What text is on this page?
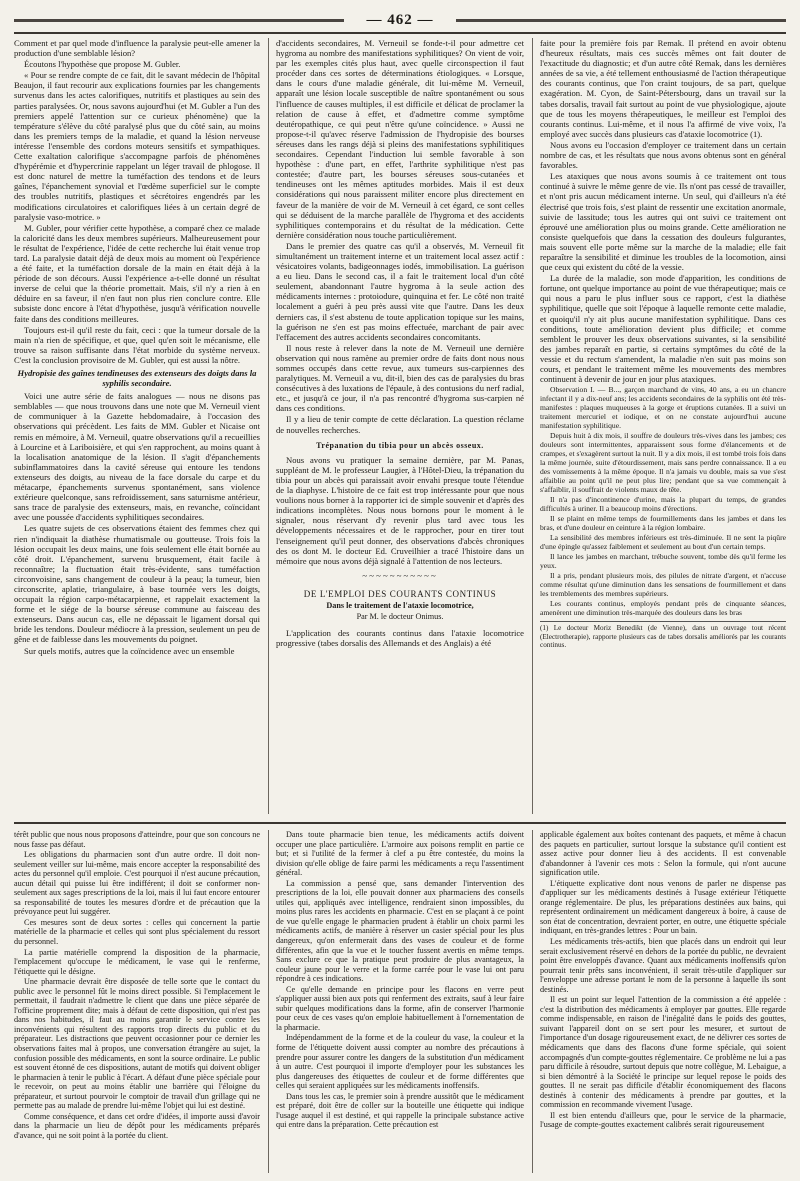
— 462 —

Comment et par quel mode d'influence la paralysie peut-elle amener la production d'une semblable lésion?

Écoutons l'hypothèse que propose M. Gubler.

« Pour se rendre compte de ce fait, dit le savant médecin de l'hôpital Beaujon, il faut recourir aux explications fournies par les changements survenus dans les actes calorifiques, nutritifs et plastiques au sein des parties paralysées. Or, nous savons aujourd'hui (et M. Gubler a l'un des premiers appelé l'attention sur ce curieux phénomène) que la température s'élève du côté paralysé plus que du côté sain, au moins dans les premiers temps de la maladie, et quand la lésion nerveuse intéresse l'ensemble des cordons moteurs sensitifs et sympathiques. Cette exaltation calorifique s'accompagne parfois de phénomènes d'hypérémie et d'hypercrinie rappelant un léger travail de phlogose. Il est donc naturel de mettre la tuméfaction des tendons et de leurs gaînes, l'épanchement synovial et l'œdème superficiel sur le compte des troubles nutritifs, plastiques et sécrétoires engendrés par les modifications circulatoires et calorifiques liées à un certain degré de paralysie vaso-motrice. »

M. Gubler, pour vérifier cette hypothèse, a comparé chez ce malade la caloricité dans les deux membres supérieurs. Malheureusement pour le résultat de l'expérience, l'idée de cette recherche lui était venue trop tard. La paralysie datait déjà de deux mois au moment où l'expérience a été faite, et la tuméfaction dorsale de la main en était déjà à la période de son décours. Aussi l'expérience a-t-elle donné un résultat inverse de celui que la théorie promettait. Mais, s'il n'y a rien à en déduire en sa faveur, il n'en faut non plus rien conclure contre. Elle subsiste donc encore à l'état d'hypothèse, jusqu'à vérification nouvelle faite dans des conditions meilleures.

Toujours est-il qu'il reste du fait, ceci : que la tumeur dorsale de la main n'a rien de spécifique, et que, quel qu'en soit le mécanisme, elle trouve sa raison suffisante dans l'état morbide du système nerveux. C'est la conclusion provisoire de M. Gubler, qui est aussi la nôtre.

Hydropisie des gaînes tendineuses des extenseurs des doigts dans la syphilis secondaire.

Voici une autre série de faits analogues — nous ne disons pas semblables — que nous trouvons dans une note que M. Verneuil vient de communiquer à la Gazette hebdomadaire, à l'occasion des observations qui précèdent. Les faits de MM. Gubler et Nicaise ont remis en mémoire, à M. Verneuil, quatre observations qu'il a recueillies à Lourcine et à Lariboisière, et qui s'en rapprochent, au moins quant à la localisation anatomique de la lésion. Il s'agit d'épanchements subinflammatoires dans la cavité séreuse qui entoure les tendons extenseurs des doigts, au niveau de la face dorsale du carpe et du métacarpe, épanchements survenus spontanément, sans violence extérieure quelconque, sans refroidissement, sans saturnisme antérieur, sans trace de paralysie des extenseurs, mais, en revanche, coïncidant avec une poussée d'accidents syphilitiques secondaires.

Les quatre sujets de ces observations étaient des femmes chez qui rien n'indiquait la diathèse rhumatismale ou goutteuse. Trois fois la lésion occupait les deux mains, une fois seulement elle était bornée au côté droit. L'épanchement, survenu brusquement, était facile à reconnaître; la fluctuation était très-évidente, sans tuméfaction circonvoisine, sans changement de couleur à la peau; la tumeur, bien circonscrite, aplatie, triangulaire, à base tournée vers les doigts, occupait la région carpo-métacarpienne, et rappelait exactement la forme et le siége de la bourse séreuse commune au faisceau des extenseurs. Dans aucun cas, elle ne dépassait le ligament dorsal qui bride les tendons. Douleur médiocre à la pression, seulement un peu de gêne et de faiblesse dans les mouvements du poignet.

Sur quels motifs, autres que la coïncidence avec un ensemble

d'accidents secondaires, M. Verneuil se fonde-t-il pour admettre cet hygroma au nombre des manifestations syphilitiques? On vient de voir, par les exemples cités plus haut, avec quelle circonspection il faut procéder dans ces sortes de déterminations étiologiques. « Lorsque, dans le cours d'une maladie générale, dit lui-même M. Verneuil, apparaît une lésion locale susceptible de naître spontanément ou sous l'influence de causes multiples, il est difficile et délicat de proclamer la relation de cause à effet, et d'admettre comme symptôme deutéropathique, ce qui peut n'être qu'une coïncidence. » Aussi ne propose-t-il qu'avec réserve l'admission de l'hydropisie des bourses séreuses dans les rangs déjà si pleins des manifestations syphilitiques secondaires. Cependant l'induction lui semble favorable à son hypothèse : d'une part, en effet, l'arthrite syphilitique n'est pas contestée; d'autre part, les bourses séreuses sous-cutanées et tendineuses ont les mêmes aptitudes morbides. Mais il est deux considérations qui nous paraissent militer encore plus directement en faveur de la manière de voir de M. Verneuil à cet égard, ce sont celles qui se déduisent de la marche parallèle de l'hygroma et des accidents syphilitiques contemporains et du résultat de la médication. Cette dernière considération nous touche particulièrement.

Dans le premier des quatre cas qu'il a observés, M. Verneuil fit simultanément un traitement interne et un traitement local assez actif : vésicatoires volants, badigeonnages iodés, immobilisation. La guérison a eu lieu. Dans le second cas, il a fait le traitement local d'un côté seulement, abandonnant l'autre hygroma à la seule action des médicaments internes : protoiodure, quinquina et fer. Le côté non traité localement a guéri à peu près aussi vite que l'autre. Dans les deux derniers cas, il s'est abstenu de toute application topique sur les mains, la guérison ne s'en est pas moins effectuée, marchant de pair avec l'effacement des autres accidents secondaires concomitants.

Il nous reste à relever dans la note de M. Verneuil une dernière observation qui nous ramène au premier ordre de faits dont nous nous sommes occupés dans cette revue, aux tumeurs sus-carpiennes des paralytiques. M. Verneuil a vu, dit-il, bien des cas de paralysies du bras consécutives à des luxations de l'épaule, à des contusions du nerf radial, etc., et jusqu'à ce jour, il n'a pas rencontré d'hygroma sus-carpien né dans ces conditions.

Il y a lieu de tenir compte de cette déclaration. La question réclame de nouvelles recherches.

Trépanation du tibia pour un abcès osseux.

Nous avons vu pratiquer la semaine dernière, par M. Panas, suppléant de M. le professeur Laugier, à l'Hôtel-Dieu, la trépanation du tibia pour un abcès qui paraissait avoir envahi presque toute l'étendue de la diaphyse. L'histoire de ce fait est trop intéressante pour que nous voulions nous borner à la rapporter ici de simple souvenir et d'après des indications incomplètes. Nous nous bornons pour le moment à le signaler, nous réservant d'y revenir plus tard avec tous les développements nécessaires et de le rapprocher, pour en tirer tout l'enseignement qu'il peut donner, des observations d'abcès chroniques des os dont M. le docteur Ed. Cruveilhier a tracé l'histoire dans un mémoire que nous avons déjà signalé à l'attention de nos lecteurs.

~~~~~~~~~~~

DE L'EMPLOI DES COURANTS CONTINUS

Dans le traitement de l'ataxie locomotrice,

Par M. le docteur Onimus.

L'application des courants continus dans l'ataxie locomotrice progressive (tabes dorsalis des Allemands et des Anglais) a été

faite pour la première fois par Remak. Il prétend en avoir obtenu d'heureux résultats, mais ces succès mêmes ont fait douter de l'exactitude du diagnostic; et d'un autre côté Remak, dans les dernières années de sa vie, a été tellement enthousiasmé de l'action thérapeutique des courants continus, que l'on craint toujours, de sa part, quelque exagération. M. Cyon, de Saint-Pétersbourg, dans un travail sur la tabes dorsalis, travail fait surtout au point de vue physiologique, ajoute que de tous les moyens thérapeutiques, le meilleur est l'emploi des courants continus. Lui-même, et il nous l'a affirmé de vive voix, l'a employé avec succès dans plusieurs cas d'ataxie locomotrice (1).

Nous avons eu l'occasion d'employer ce traitement dans un certain nombre de cas, et les résultats que nous avons obtenus sont en général favorables.

Les ataxiques que nous avons soumis à ce traitement ont tous continué à suivre le même genre de vie. Ils n'ont pas cessé de travailler, et n'ont pris aucun médicament interne. Un seul, qui d'ailleurs n'a été électrisé que trois fois, s'est plaint de ressentir une excitation anormale, suivie de lassitude; tous les autres qui ont suivi ce traitement ont éprouvé une amélioration plus ou moins grande. Cette amélioration ne consiste quelquefois que dans la cessation des douleurs fulgurantes, mais souvent elle porte même sur la marche de la maladie; elle fait reparaître la sensibilité et diminue les troubles de la locomotion, ainsi que ceux qui existent du côté de la vessie.

La durée de la maladie, son mode d'apparition, les conditions de fortune, ont quelque importance au point de vue thérapeutique; mais ce qui nous a paru le plus influer sous ce rapport, c'est la diathèse syphilitique, quelle que soit l'époque à laquelle remonte cette maladie, et quoiqu'il n'y ait plus aucune manifestation syphilitique. Dans ces conditions, toute amélioration devient plus difficile; et comme semblent le prouver les deux observations suivantes, si la sensibilité des jambes reparaît en partie, si certains symptômes du côté de la vessie et du rectum s'amendent, la maladie n'en suit pas moins son cours, et pendant le traitement même les mouvements des membres continuent à devenir de jour en jour plus ataxiques.

Observation I. — B..., garçon marchand de vins, 40 ans, a eu un chancre infectant il y a dix-neuf ans; les accidents secondaires de la syphilis ont été très-manifestes : plaques muqueuses à la gorge et éruptions cutanées. Il a suivi un traitement mercuriel et iodique, et on ne constate aujourd'hui aucune manifestation syphilitique.

Depuis huit à dix mois, il souffre de douleurs très-vives dans les jambes; ces douleurs sont intermittentes, apparaissent sous forme d'élancements et de crampes, et s'exagèrent surtout la nuit. Il y a dix mois, il est tombé trois fois dans la même journée, suite d'étourdissement, mais sans perdre connaissance. Il a eu des vomissements à la même époque. Il n'a jamais vu double, mais sa vue s'est affaiblie au point qu'il ne peut plus lire; pendant que sa vue commençait à s'affaiblir, il souffrait de violents maux de tête.

Il n'a pas d'incontinence d'urine, mais la plupart du temps, de grandes difficultés à uriner. Il a beaucoup moins d'érections.

Il se plaint en même temps de fourmillements dans les jambes et dans les bras, et d'une douleur en ceinture à la région lombaire.

La sensibilité des membres inférieurs est très-diminuée. Il ne sent la piqûre d'une épingle qu'assez faiblement et seulement au bout d'un certain temps.

Il lance les jambes en marchant, trébuche souvent, tombe dès qu'il ferme les yeux.

Il a pris, pendant plusieurs mois, des pilules de nitrate d'argent, et n'accuse comme résultat qu'une diminution dans les sensations de fourmillement et dans les tremblements des membres supérieurs.

Les courants continus, employés pendant près de cinquante séances, amenèrent une diminution très-marquée des douleurs dans les bras

(1) Le docteur Moriz Benedikt (de Vienne), dans un ouvrage tout récent (Electrotherapie), rapporte plusieurs cas de tabes dorsalis améliorés par les courants continus.

térêt public que nous nous proposons d'atteindre, pour que son concours ne nous fasse pas défaut.

Les obligations du pharmacien sont d'un autre ordre. Il doit non-seulement veiller sur lui-même, mais encore accepter la responsabilité des actes du personnel qu'il emploie. C'est pourquoi il n'est aucune précaution, aucun détail qui puisse lui être indifférent; il doit se conformer non-seulement aux sages prescriptions de la loi, mais il lui faut encore entourer sa responsabilité de toutes les mesures d'ordre et de précaution que la prévoyance peut lui suggérer.

Ces mesures sont de deux sortes : celles qui concernent la partie matérielle de la pharmacie et celles qui sont plus spécialement du ressort du personnel.

La partie matérielle comprend la disposition de la pharmacie, l'emplacement qu'occupe le médicament, le vase qui le renferme, l'étiquette qui le désigne.

Une pharmacie devrait être disposée de telle sorte que le contact du public avec le personnel fût le moins direct possible. Si l'emplacement le permettait, il faudrait n'admettre le client que dans une pièce séparée de l'officine proprement dite; mais à défaut de cette disposition, qui n'est pas dans nos habitudes, il faut au moins garantir le service contre les inconvénients qui résultent des rapports trop directs du public et du préparateur. Les distractions que peuvent occasionner pour ce dernier les observations faites mal à propos, une conversation étrangère au sujet, la confusion possible des médicaments, en sont la source ordinaire. Le public est souvent étonné de ces dispositions, autant de motifs qui doivent obliger le pharmacien à tenir le public à l'écart. A défaut d'une pièce spéciale pour le recevoir, on peut au moins établir une barrière qui l'éloigne du préparateur, et surtout pourvoir le comptoir de travail d'un grillage qui ne permette pas au malade de prendre lui-même l'objet qui lui est destiné.

Comme conséquence, et dans cet ordre d'idées, il importe aussi d'avoir dans la pharmacie un lieu de dépôt pour les médicaments préparés d'avance, qui ne soit point à la portée du client.

Dans toute pharmacie bien tenue, les médicaments actifs doivent occuper une place particulière. L'armoire aux poisons remplit en partie ce but; et si l'utilité de la fermer à clef a pu être contestée, du moins la division qu'elle oblige de faire parmi les médicaments a reçu l'assentiment général.

La commission a pensé que, sans demander l'intervention des prescriptions de la loi, elle pouvait donner aux pharmaciens des conseils utiles qui, appliqués avec intelligence, rendraient sinon impossibles, du moins plus rares les accidents en pharmacie. C'est en se plaçant à ce point de vue qu'elle engage le pharmacien prudent à établir un choix parmi les médicaments actifs, de manière à réserver un casier spécial pour les plus dangereux, qu'on enfermerait dans des vases de couleur et de forme différentes, afin que la vue et le toucher fussent avertis en même temps. Sans exclure ce que la pratique peut produire de plus avantageux, la couleur jaune pour le verre et la forme carrée pour le vase lui ont paru répondre à ces indications.

Ce qu'elle demande en principe pour les flacons en verre peut s'appliquer aussi bien aux pots qui renferment des extraits, sauf à leur faire subir quelques modifications dans la forme, afin de conserver l'harmonie pour ceux de ces vases qu'on emploie habituellement à l'ornementation de la pharmacie.

Indépendamment de la forme et de la couleur du vase, la couleur et la forme de l'étiquette doivent aussi compter au nombre des précautions à prendre pour assurer contre les dangers de la substitution d'un médicament à un autre. C'est pourquoi il importe d'employer pour les substances les plus dangereuses des étiquettes de couleur et de forme différentes que celles qui seraient appliquées sur les médicaments inoffensifs.

Dans tous les cas, le premier soin à prendre aussitôt que le médicament est préparé, doit être de coller sur la bouteille une étiquette qui indique l'usage auquel il est destiné, et qui rappelle la principale substance active qui entre dans la préparation. Cette précaution est

applicable également aux boîtes contenant des paquets, et même à chacun des paquets en particulier, surtout lorsque la substance qu'il contient est assez active pour donner lieu à des accidents. Il est convenable d'abandonner à l'avenir ces mots : Selon la formule, qui n'ont aucune signification utile.

L'étiquette explicative dont nous venons de parler ne dispense pas d'appliquer sur les médicaments destinés à l'usage extérieur l'étiquette orange réglementaire. De plus, les préparations destinées aux bains, qui représentent ordinairement un médicament dangereux à boire, à cause de son état de concentration, devraient porter, en outre, une étiquette spéciale indiquant, en très-grandes lettres : Pour un bain.

Les médicaments très-actifs, bien que placés dans un endroit qui leur serait exclusivement réservé en dehors de la portée du public, ne devraient point être enveloppés d'avance. Quant aux médicaments inoffensifs qu'on pourrait tenir prêts sans inconvénient, il serait très-utile d'appliquer sur l'enveloppe une adresse portant le nom de la personne à laquelle ils sont destinés.

Il est un point sur lequel l'attention de la commission a été appelée : c'est la distribution des médicaments à employer par gouttes. Elle regarde comme indispensable, en raison de l'inégalité dans le poids des gouttes, suivant l'appareil dont on se sert pour les mesurer, et surtout de l'importance d'un dosage rigoureusement exact, de ne délivrer ces sortes de médicaments que dans des flacons d'une forme spéciale, qui soient accompagnés d'un compte-gouttes réglementaire. Ce problème ne lui a pas paru difficile à résoudre, surtout depuis que notre collègue, M. Lebaigue, a si bien démontré à la Société le principe sur lequel repose le poids des gouttes. Il ne serait pas difficile d'établir économiquement des flacons destinés à contenir des médicaments à prendre par gouttes, et la commission en recommande vivement l'usage.

Il est bien entendu d'ailleurs que, pour le service de la pharmacie, l'usage de compte-gouttes exactement calibrés serait rigoureusement
